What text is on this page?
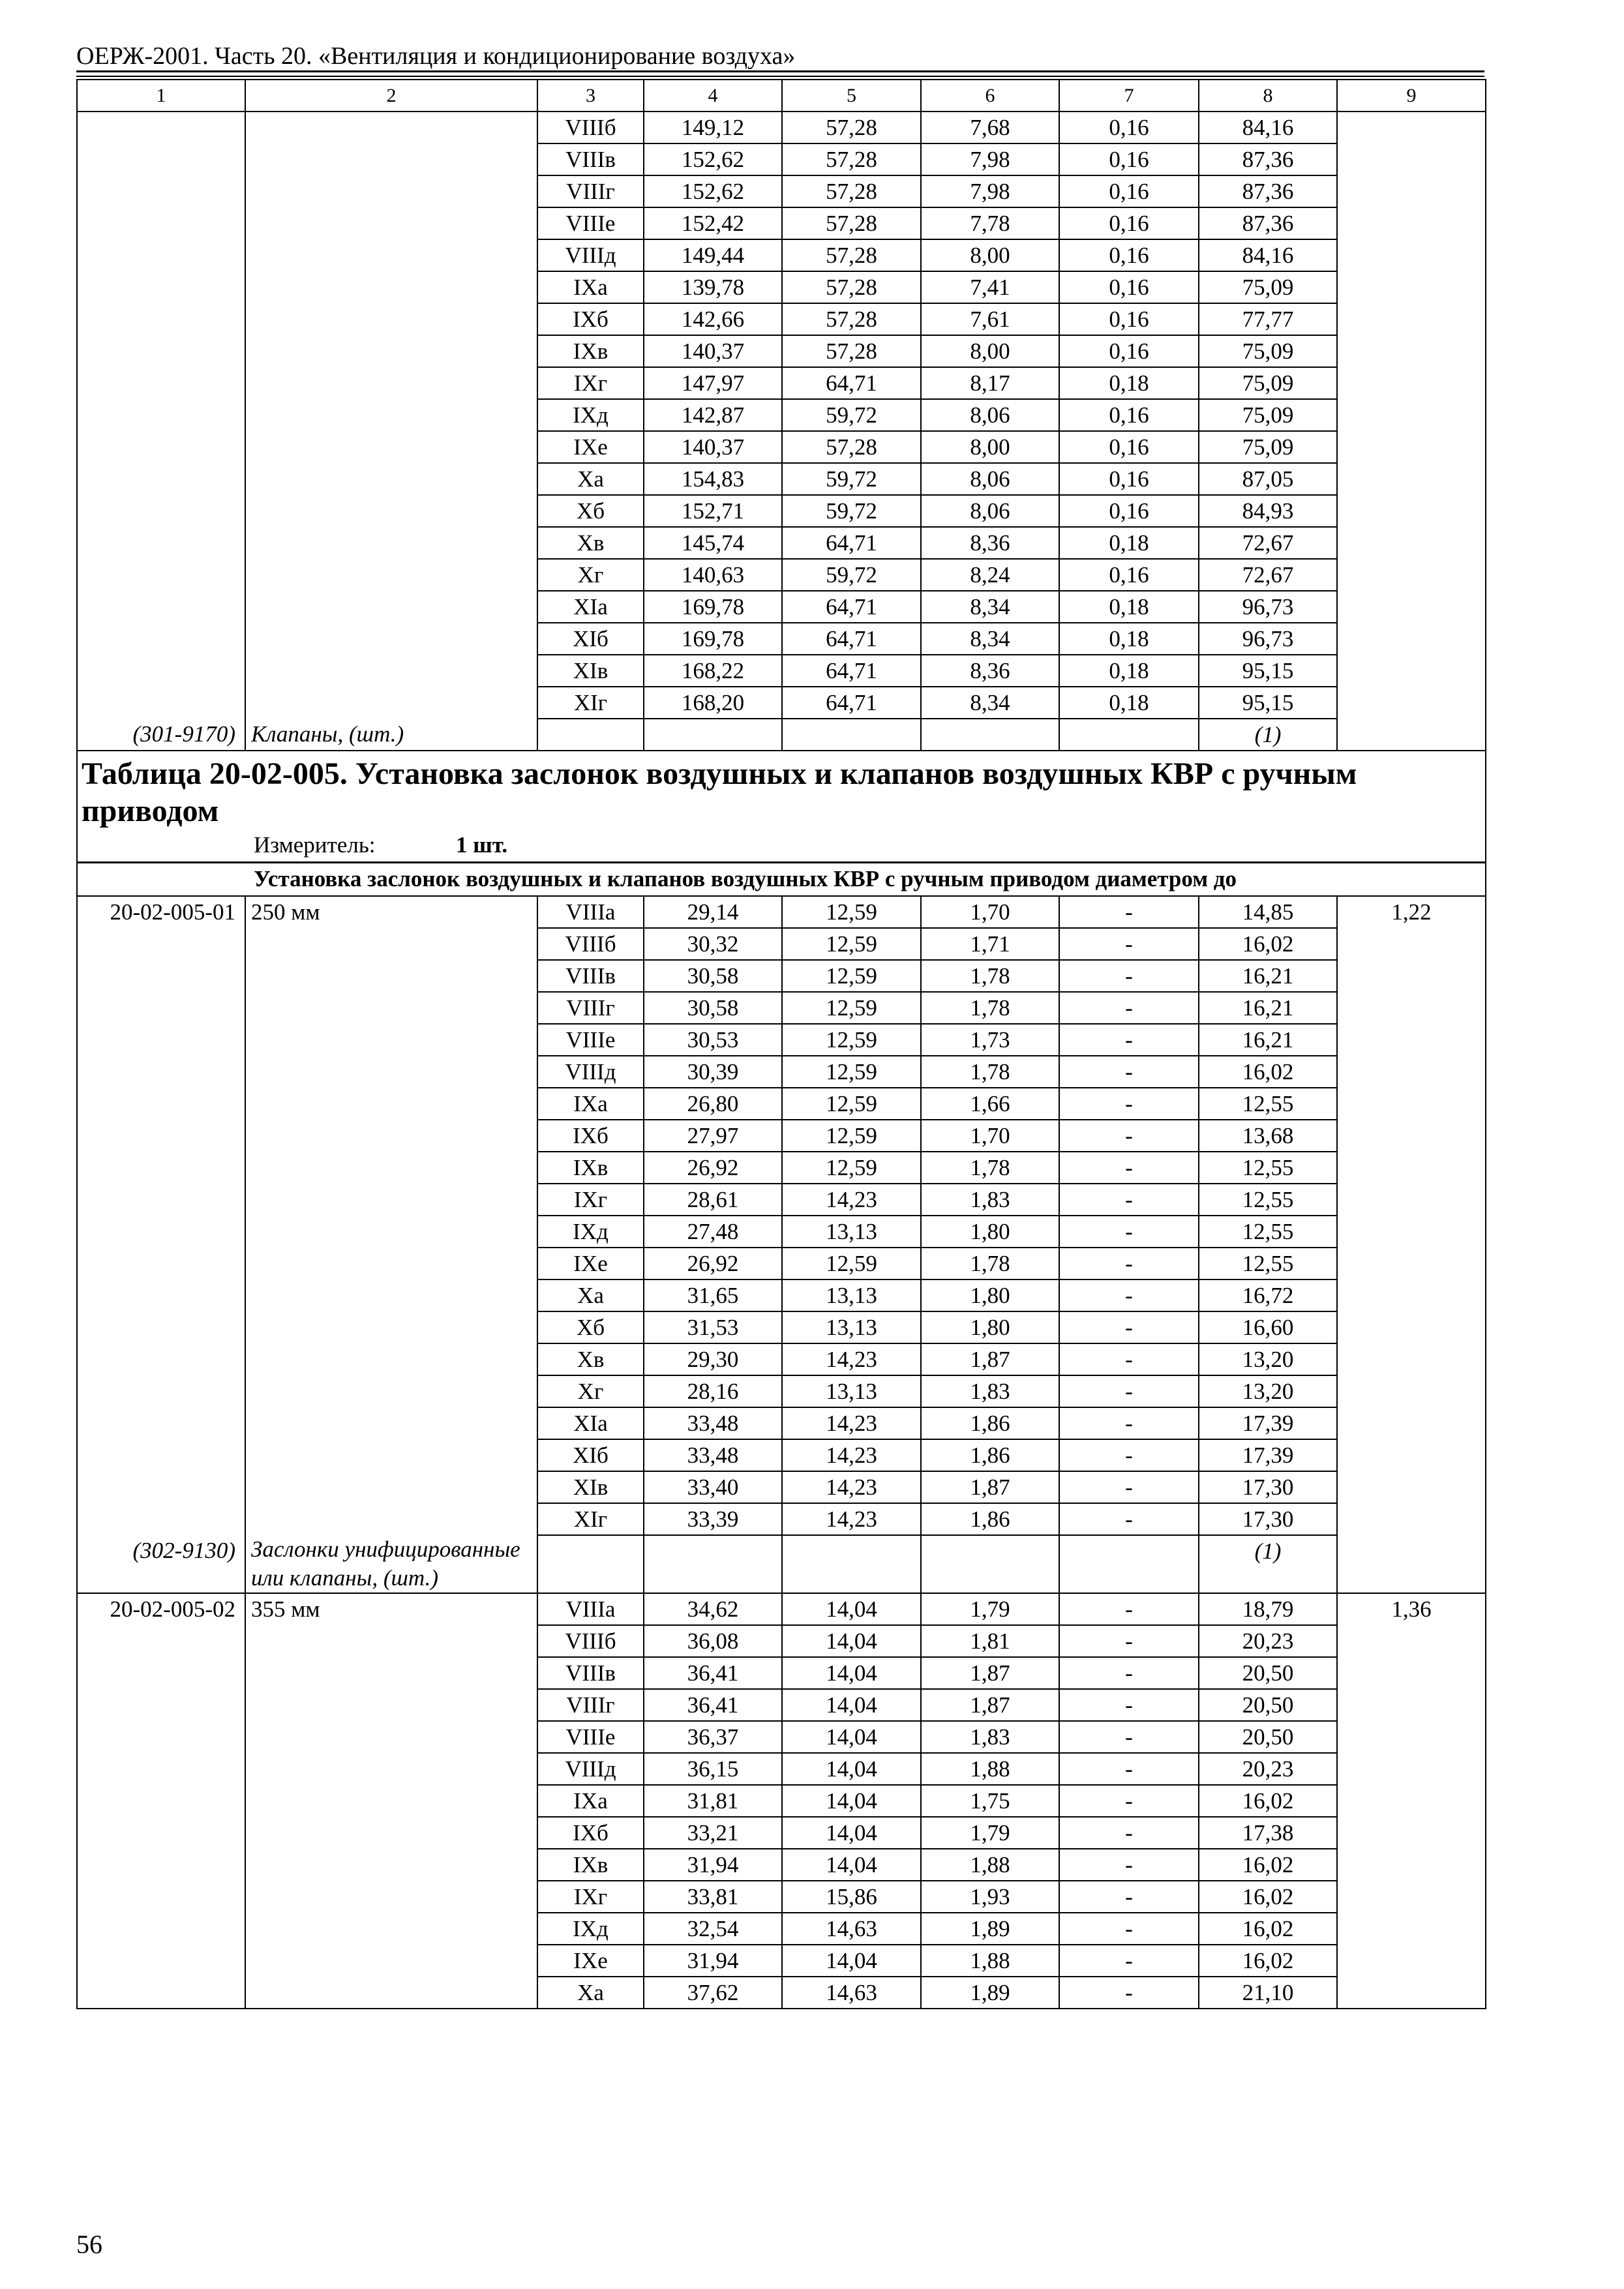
ОЕРЖ-2001. Часть 20. «Вентиляция и кондиционирование воздуха»
1	2	3	4	5	6	7	8	9
		VIIIб	149,12	57,28	7,68	0,16	84,16	
		VIIIв	152,62	57,28	7,98	0,16	87,36	
		VIIIг	152,62	57,28	7,98	0,16	87,36	
		VIIIе	152,42	57,28	7,78	0,16	87,36	
		VIIIд	149,44	57,28	8,00	0,16	84,16	
		IXа	139,78	57,28	7,41	0,16	75,09	
		IXб	142,66	57,28	7,61	0,16	77,77	
		IXв	140,37	57,28	8,00	0,16	75,09	
		IXг	147,97	64,71	8,17	0,18	75,09	
		IXд	142,87	59,72	8,06	0,16	75,09	
		IXе	140,37	57,28	8,00	0,16	75,09	
		Xа	154,83	59,72	8,06	0,16	87,05	
		Xб	152,71	59,72	8,06	0,16	84,93	
		Xв	145,74	64,71	8,36	0,18	72,67	
		Xг	140,63	59,72	8,24	0,16	72,67	
		XIа	169,78	64,71	8,34	0,18	96,73	
		XIб	169,78	64,71	8,34	0,18	96,73	
		XIв	168,22	64,71	8,36	0,18	95,15	
		XIг	168,20	64,71	8,34	0,18	95,15	
(301-9170)	Клапаны, (шт.)						(1)	
Таблица 20-02-005. Установка заслонок воздушных и клапанов воздушных КВР с ручным приводом								
Измеритель: 1 шт.								
Установка заслонок воздушных и клапанов воздушных КВР с ручным приводом диаметром до								
20-02-005-01	250 мм	VIIIа	29,14	12,59	1,70	-	14,85	1,22
		VIIIб	30,32	12,59	1,71	-	16,02	
		VIIIв	30,58	12,59	1,78	-	16,21	
		VIIIг	30,58	12,59	1,78	-	16,21	
		VIIIе	30,53	12,59	1,73	-	16,21	
		VIIIд	30,39	12,59	1,78	-	16,02	
		IXа	26,80	12,59	1,66	-	12,55	
		IXб	27,97	12,59	1,70	-	13,68	
		IXв	26,92	12,59	1,78	-	12,55	
		IXг	28,61	14,23	1,83	-	12,55	
		IXд	27,48	13,13	1,80	-	12,55	
		IXе	26,92	12,59	1,78	-	12,55	
		Xа	31,65	13,13	1,80	-	16,72	
		Xб	31,53	13,13	1,80	-	16,60	
		Xв	29,30	14,23	1,87	-	13,20	
		Xг	28,16	13,13	1,83	-	13,20	
		XIа	33,48	14,23	1,86	-	17,39	
		XIб	33,48	14,23	1,86	-	17,39	
		XIв	33,40	14,23	1,87	-	17,30	
		XIг	33,39	14,23	1,86	-	17,30	
(302-9130)	Заслонки унифицированные или клапаны, (шт.)						(1)	
20-02-005-02	355 мм	VIIIа	34,62	14,04	1,79	-	18,79	1,36
		VIIIб	36,08	14,04	1,81	-	20,23	
		VIIIв	36,41	14,04	1,87	-	20,50	
		VIIIг	36,41	14,04	1,87	-	20,50	
		VIIIе	36,37	14,04	1,83	-	20,50	
		VIIIд	36,15	14,04	1,88	-	20,23	
		IXа	31,81	14,04	1,75	-	16,02	
		IXб	33,21	14,04	1,79	-	17,38	
		IXв	31,94	14,04	1,88	-	16,02	
		IXг	33,81	15,86	1,93	-	16,02	
		IXд	32,54	14,63	1,89	-	16,02	
		IXе	31,94	14,04	1,88	-	16,02	
		Xа	37,62	14,63	1,89	-	21,10	
56
